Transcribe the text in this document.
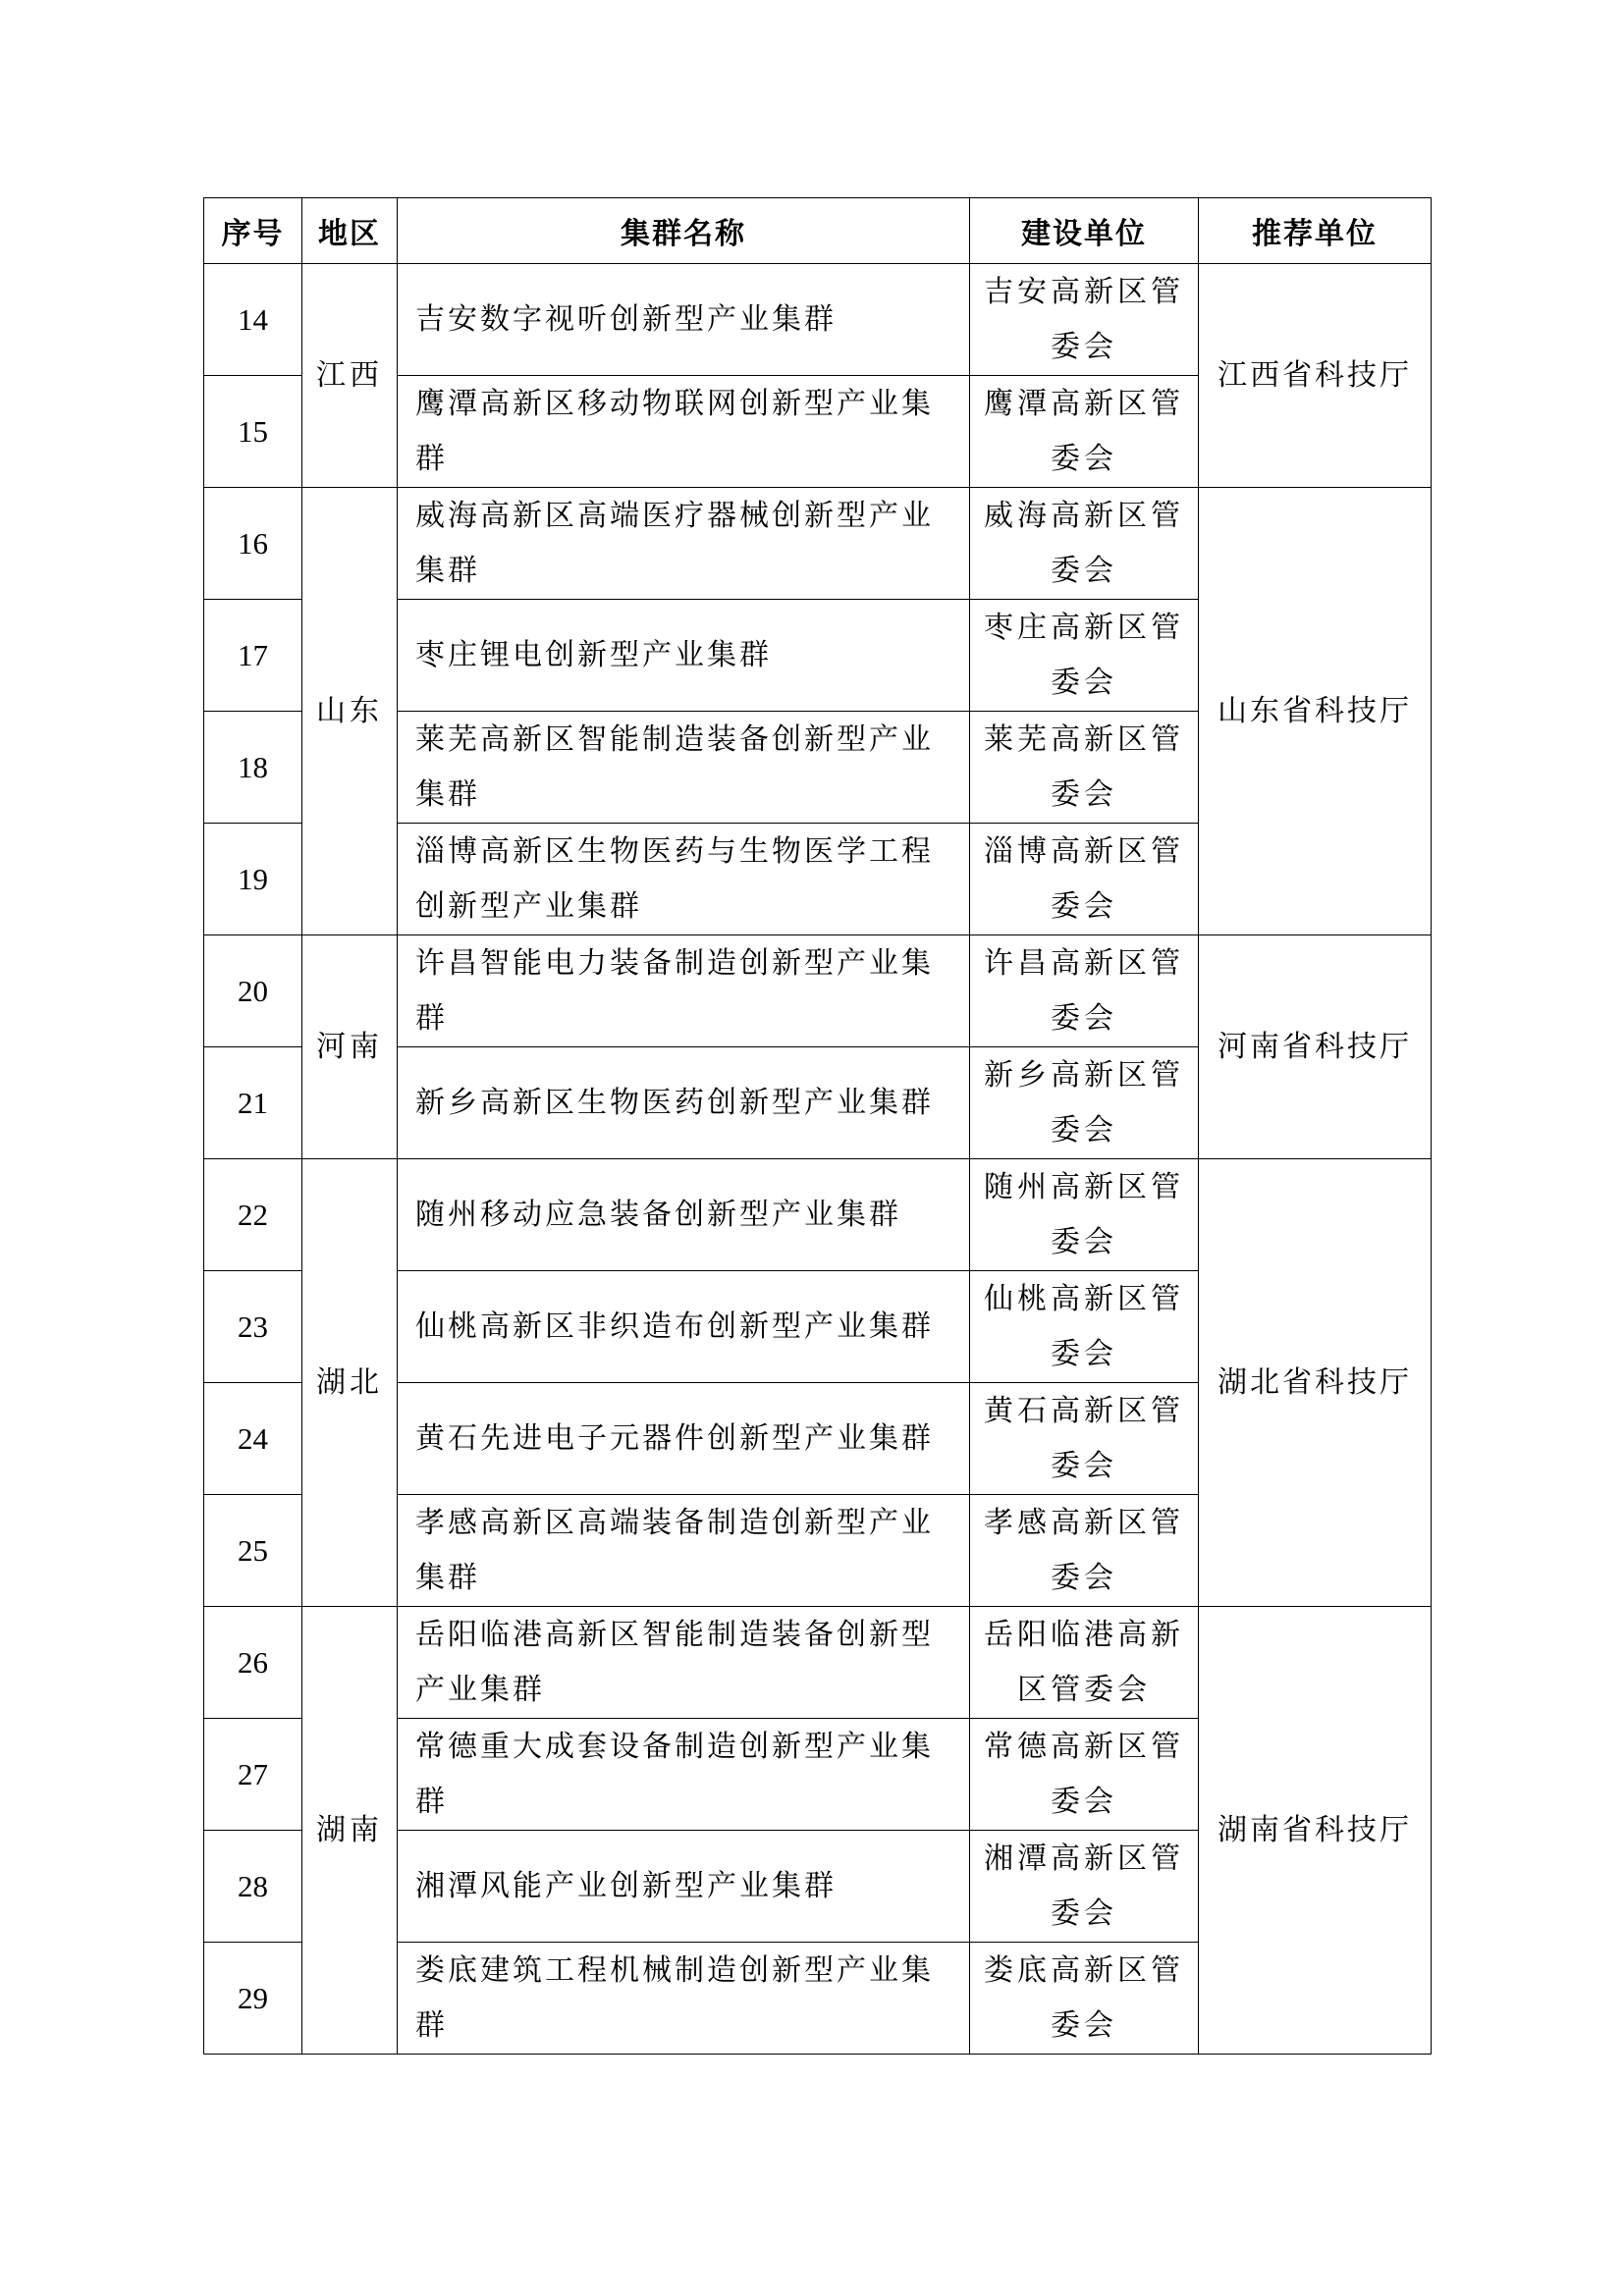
序号	地区	集群名称	建设单位	推荐单位
14	江西	吉安数字视听创新型产业集群	吉安高新区管委会	江西省科技厅
15		鹰潭高新区移动物联网创新型产业集群	鹰潭高新区管委会	
16	山东	威海高新区高端医疗器械创新型产业集群	威海高新区管委会	山东省科技厅
17		枣庄锂电创新型产业集群	枣庄高新区管委会	
18		莱芜高新区智能制造装备创新型产业集群	莱芜高新区管委会	
19		淄博高新区生物医药与生物医学工程创新型产业集群	淄博高新区管委会	
20	河南	许昌智能电力装备制造创新型产业集群	许昌高新区管委会	河南省科技厅
21		新乡高新区生物医药创新型产业集群	新乡高新区管委会	
22	湖北	随州移动应急装备创新型产业集群	随州高新区管委会	湖北省科技厅
23		仙桃高新区非织造布创新型产业集群	仙桃高新区管委会	
24		黄石先进电子元器件创新型产业集群	黄石高新区管委会	
25		孝感高新区高端装备制造创新型产业集群	孝感高新区管委会	
26	湖南	岳阳临港高新区智能制造装备创新型产业集群	岳阳临港高新区管委会	湖南省科技厅
27		常德重大成套设备制造创新型产业集群	常德高新区管委会	
28		湘潭风能产业创新型产业集群	湘潭高新区管委会	
29		娄底建筑工程机械制造创新型产业集群	娄底高新区管委会	
